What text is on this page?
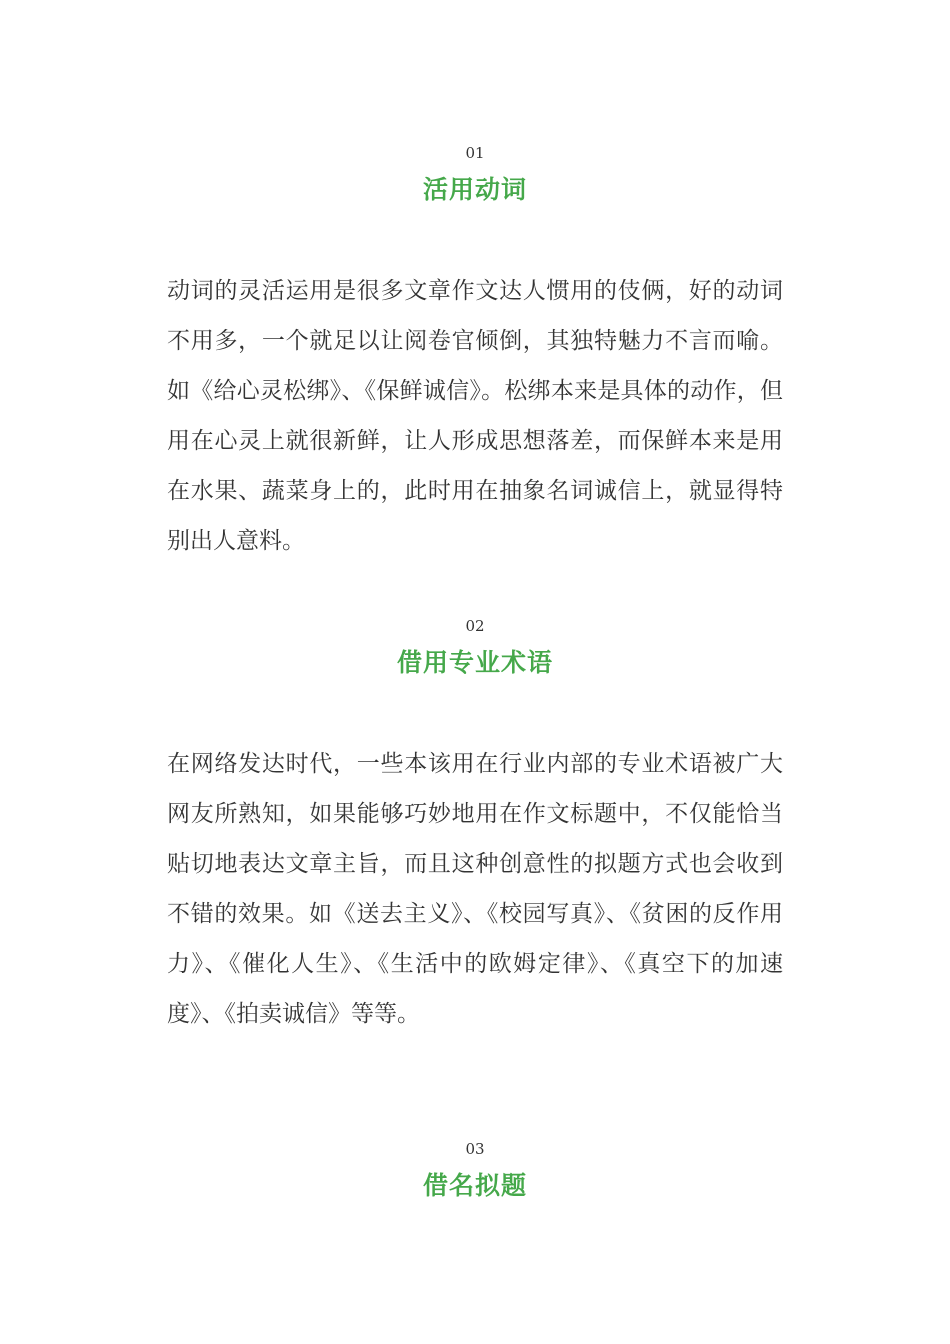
01
活用动词

动词的灵活运用是很多文章作文达人惯用的伎俩，好的动词不用多，一个就足以让阅卷官倾倒，其独特魅力不言而喻。如《给心灵松绑》、《保鲜诚信》。松绑本来是具体的动作，但用在心灵上就很新鲜，让人形成思想落差，而保鲜本来是用在水果、蔬菜身上的，此时用在抽象名词诚信上，就显得特别出人意料。

02
借用专业术语

在网络发达时代，一些本该用在行业内部的专业术语被广大网友所熟知，如果能够巧妙地用在作文标题中，不仅能恰当贴切地表达文章主旨，而且这种创意性的拟题方式也会收到不错的效果。如《送去主义》、《校园写真》、《贫困的反作用力》、《催化人生》、《生活中的欧姆定律》、《真空下的加速度》、《拍卖诚信》等等。

03
借名拟题
